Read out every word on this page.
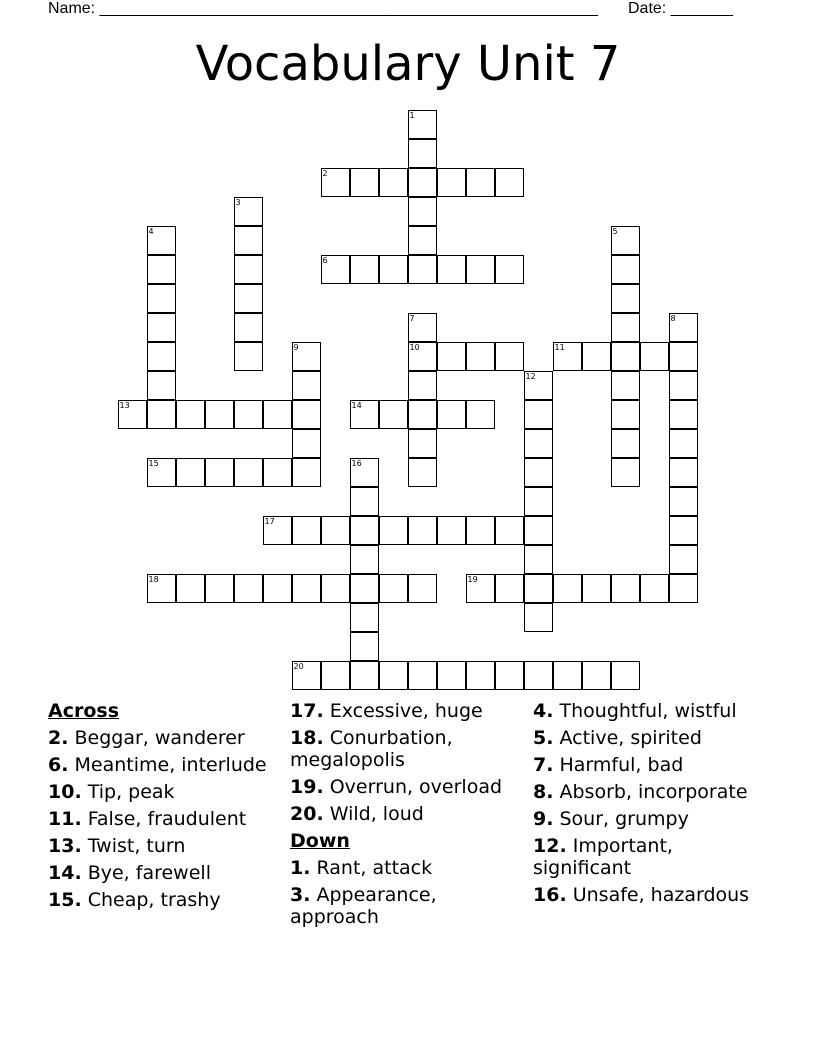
Name: ________________________________________________________ Date: _______
Vocabulary Unit 7
1
2
3
4	5
6
7
10
8
9	11
12
13	14
15	16
17
18	19
20
Across
2. Beggar, wanderer
6. Meantime, interlude
10. Tip, peak
11. False, fraudulent
13. Twist, turn
14. Bye, farewell
15. Cheap, trashy
17. Excessive, huge
18. Conurbation, megalopolis
19. Overrun, overload
20. Wild, loud
Down
1. Rant, attack
3. Appearance, approach
4. Thoughtful, wistful
5. Active, spirited
7. Harmful, bad
8. Absorb, incorporate
9. Sour, grumpy
12. Important, significant
16. Unsafe, hazardous
